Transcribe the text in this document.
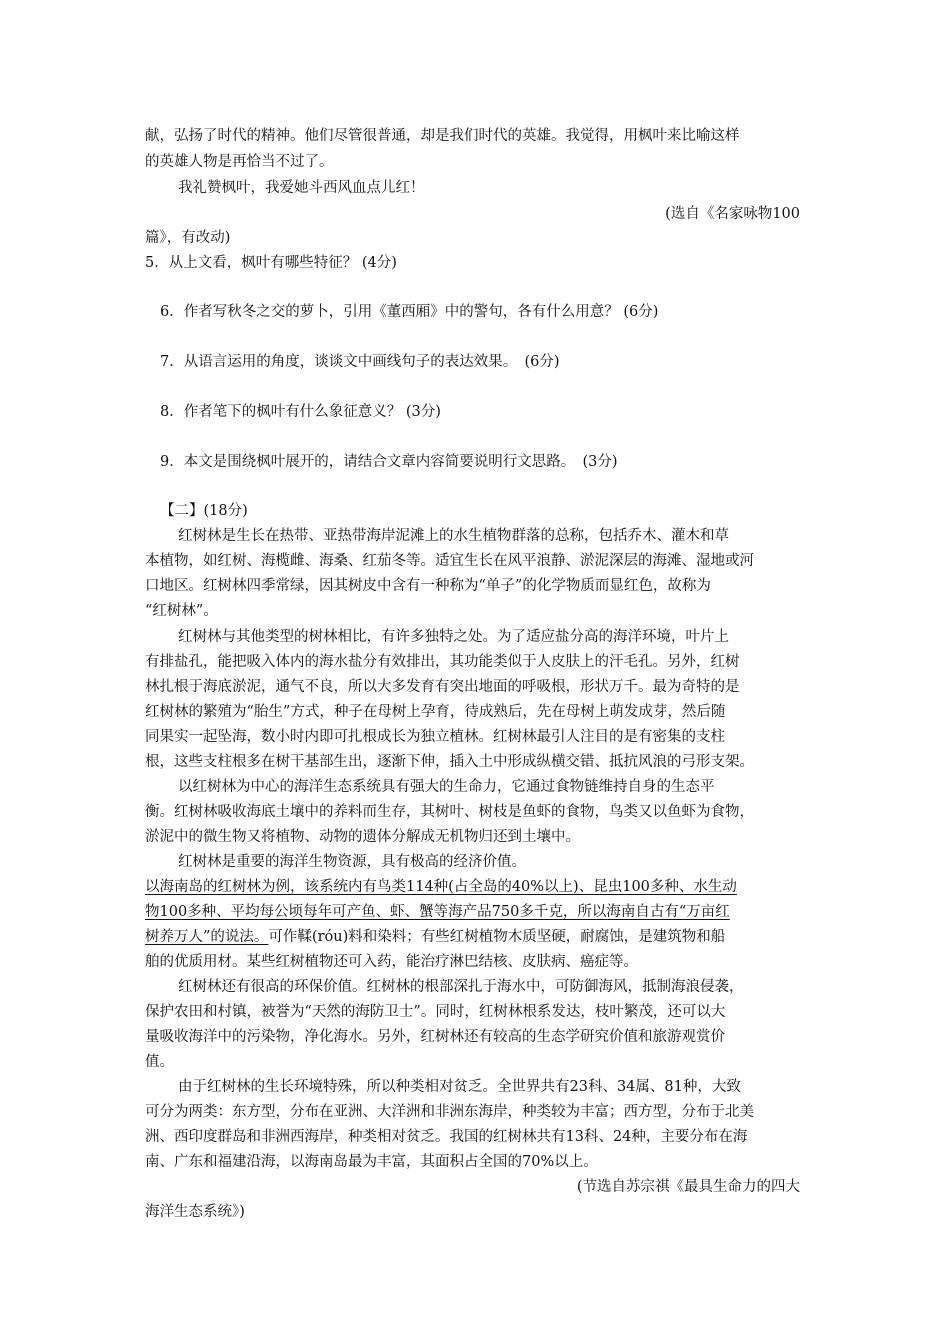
献，弘扬了时代的精神。他们尽管很普通，却是我们时代的英雄。我觉得，用枫叶来比喻这样
的英雄人物是再恰当不过了。
我礼赞枫叶，我爱她斗西风血点儿红！
(选自《名家咏物100
篇》，有改动)
5．从上文看，枫叶有哪些特征？ (4分)
6．作者写秋冬之交的萝卜，引用《董西厢》中的警句，各有什么用意？ (6分)
7．从语言运用的角度，谈谈文中画线句子的表达效果。　(6分)
8．作者笔下的枫叶有什么象征意义？ (3分)
9．本文是围绕枫叶展开的，请结合文章内容简要说明行文思路。　(3分)
【二】(18分)
红树林是生长在热带、亚热带海岸泥滩上的水生植物群落的总称，包括乔木、灌木和草
本植物，如红树、海榄雌、海桑、红茄冬等。适宜生长在风平浪静、淤泥深层的海滩、湿地或河
口地区。红树林四季常绿，因其树皮中含有一种称为“单子”的化学物质而显红色，故称为
“红树林”。
红树林与其他类型的树林相比，有许多独特之处。为了适应盐分高的海洋环境，叶片上
有排盐孔，能把吸入体内的海水盐分有效排出，其功能类似于人皮肤上的汗毛孔。另外，红树
林扎根于海底淤泥，通气不良，所以大多发育有突出地面的呼吸根，形状万千。最为奇特的是
红树林的繁殖为“胎生”方式，种子在母树上孕育，待成熟后，先在母树上萌发成芽，然后随
同果实一起坠海，数小时内即可扎根成长为独立植林。红树林最引人注目的是有密集的支柱
根，这些支柱根多在树干基部生出，逐渐下伸，插入土中形成纵横交错、抵抗风浪的弓形支架。
以红树林为中心的海洋生态系统具有强大的生命力，它通过食物链维持自身的生态平
衡。红树林吸收海底土壤中的养料而生存，其树叶、树枝是鱼虾的食物，鸟类又以鱼虾为食物，
淤泥中的微生物又将植物、动物的遗体分解成无机物归还到土壤中。
红树林是重要的海洋生物资源，具有极高的经济价值。
以海南岛的红树林为例，该系统内有鸟类114种(占全岛的40%以上)、昆虫100多种、水生动
物100多种、平均每公顷每年可产鱼、虾、蟹等海产品750多千克，所以海南自古有“万亩红
树养万人”的说法。可作鞣(róu)料和染料；有些红树植物木质坚硬，耐腐蚀，是建筑物和船
舶的优质用材。某些红树植物还可入药，能治疗淋巴结核、皮肤病、癌症等。
红树林还有很高的环保价值。红树林的根部深扎于海水中，可防御海风，抵制海浪侵袭，
保护农田和村镇，被誉为“天然的海防卫士”。同时，红树林根系发达，枝叶繁茂，还可以大
量吸收海洋中的污染物，净化海水。另外，红树林还有较高的生态学研究价值和旅游观赏价
值。
由于红树林的生长环境特殊，所以种类相对贫乏。全世界共有23科、34属、81种，大致
可分为两类：东方型，分布在亚洲、大洋洲和非洲东海岸，种类较为丰富；西方型，分布于北美
洲、西印度群岛和非洲西海岸，种类相对贫乏。我国的红树林共有13科、24种，主要分布在海
南、广东和福建沿海，以海南岛最为丰富，其面积占全国的70%以上。
(节选自苏宗祺《最具生命力的四大
海洋生态系统》)
